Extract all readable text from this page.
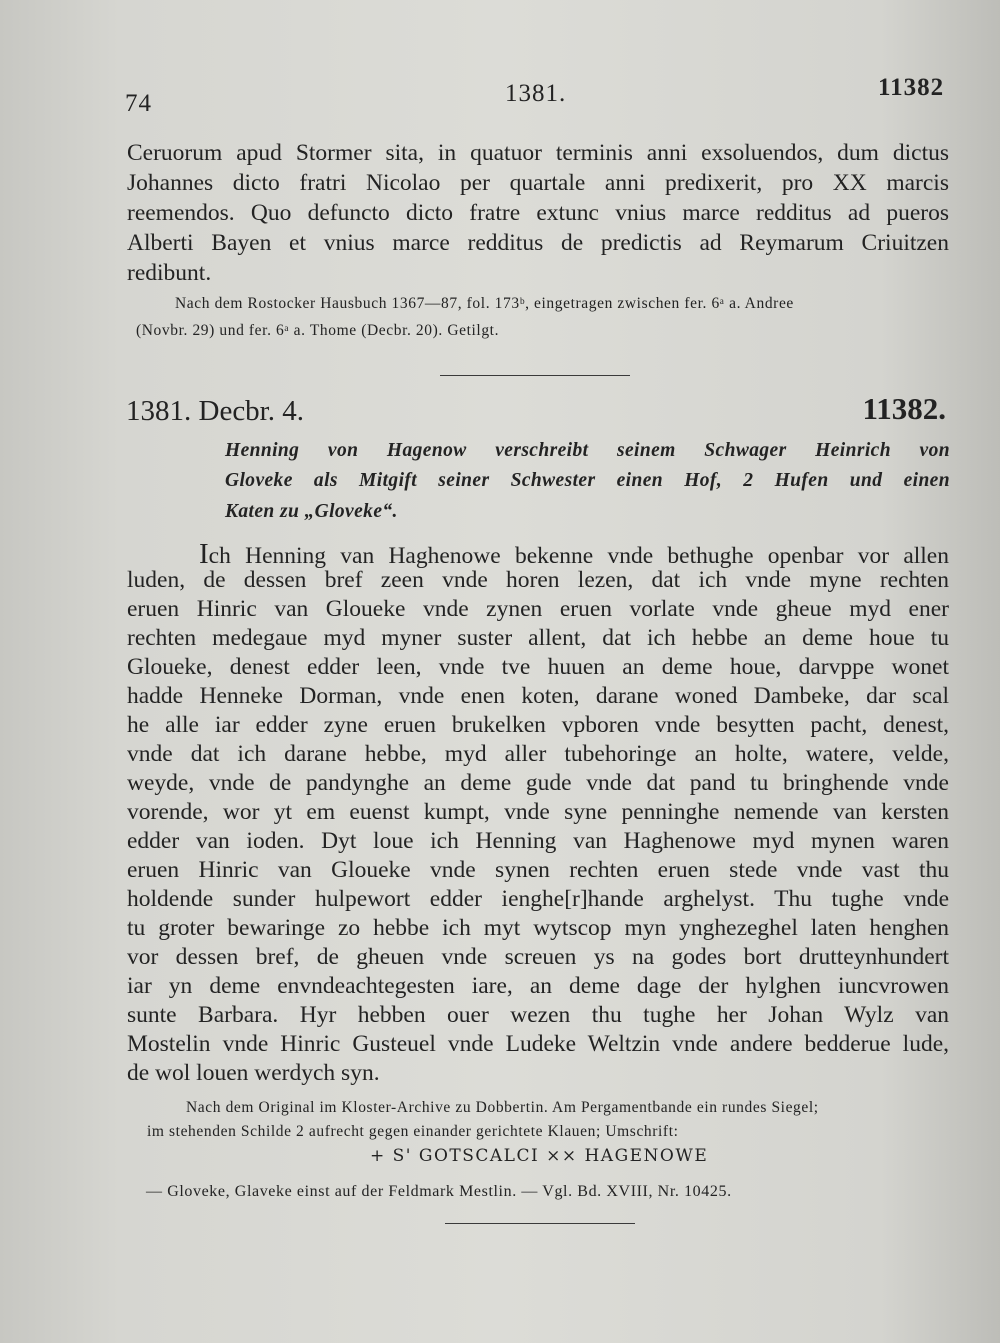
74	1381.	11382
Ceruorum apud Stormer sita, in quatuor terminis anni exsoluendos, dum dictus
Johannes dicto fratri Nicolao per quartale anni predixerit, pro XX marcis
reemendos. Quo defuncto dicto fratre extunc vnius marce redditus ad pueros
Alberti Bayen et vnius marce redditus de predictis ad Reymarum Criuitzen
redibunt.
Nach dem Rostocker Hausbuch 1367—87, fol. 173ᵇ, eingetragen zwischen fer. 6ᵃ a. Andree
(Novbr. 29) und fer. 6ᵃ a. Thome (Decbr. 20). Getilgt.
1381. Decbr. 4.	11382.
Henning von Hagenow verschreibt seinem Schwager Heinrich von
Gloveke als Mitgift seiner Schwester einen Hof, 2 Hufen und einen
Katen zu „Gloveke“.
Ich Henning van Haghenowe bekenne vnde bethughe openbar vor allen
luden, de dessen bref zeen vnde horen lezen, dat ich vnde myne rechten
eruen Hinric van Gloueke vnde zynen eruen vorlate vnde gheue myd ener
rechten medegaue myd myner suster allent, dat ich hebbe an deme houe tu
Gloueke, denest edder leen, vnde tve huuen an deme houe, darvppe wonet
hadde Henneke Dorman, vnde enen koten, darane woned Dambeke, dar scal
he alle iar edder zyne eruen brukelken vpboren vnde besytten pacht, denest,
vnde dat ich darane hebbe, myd aller tubehoringe an holte, watere, velde,
weyde, vnde de pandynghe an deme gude vnde dat pand tu bringhende vnde
vorende, wor yt em euenst kumpt, vnde syne penninghe nemende van kersten
edder van ioden. Dyt loue ich Henning van Haghenowe myd mynen waren
eruen Hinric van Gloueke vnde synen rechten eruen stede vnde vast thu
holdende sunder hulpewort edder ienghe[r]hande arghelyst. Thu tughe vnde
tu groter bewaringe zo hebbe ich myt wytscop myn ynghezeghel laten henghen
vor dessen bref, de gheuen vnde screuen ys na godes bort drutteynhundert
iar yn deme envndeachtegesten iare, an deme dage der hylghen iuncvrowen
sunte Barbara. Hyr hebben ouer wezen thu tughe her Johan Wylz van
Mostelin vnde Hinric Gusteuel vnde Ludeke Weltzin vnde andere bedderue lude,
de wol louen werdych syn.
Nach dem Original im Kloster-Archive zu Dobbertin. Am Pergamentbande ein rundes Siegel;
im stehenden Schilde 2 aufrecht gegen einander gerichtete Klauen; Umschrift:
+ S' GOTSCALCI ×× HAGENOWE
— Gloveke, Glaveke einst auf der Feldmark Mestlin. — Vgl. Bd. XVIII, Nr. 10425.
